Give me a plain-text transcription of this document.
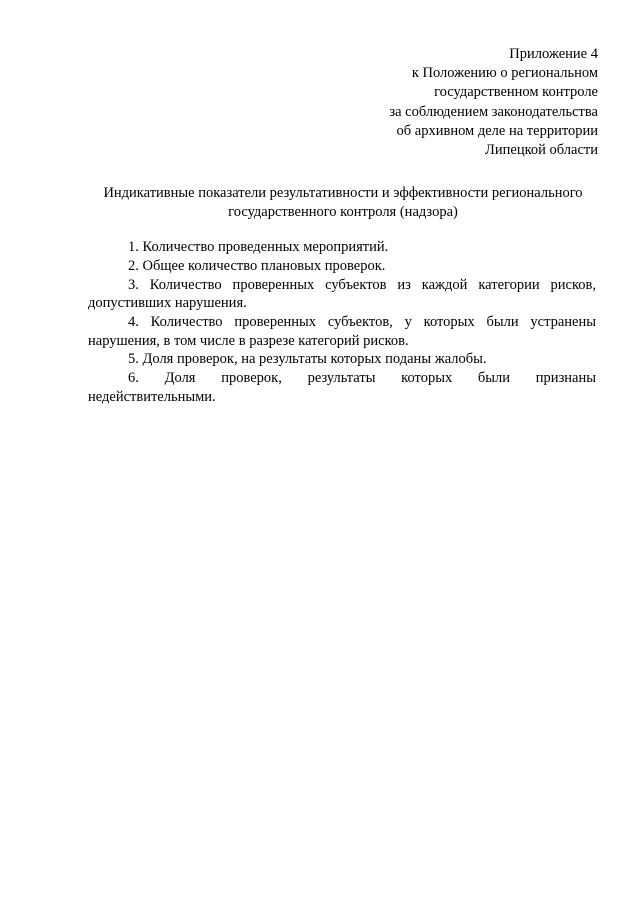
Приложение 4
к Положению о региональном
государственном контроле
за соблюдением законодательства
об архивном деле на территории
Липецкой области
Индикативные показатели результативности и эффективности регионального
государственного контроля (надзора)

1. Количество проведенных мероприятий.

2. Общее количество плановых проверок.

3. Количество проверенных субъектов из каждой категории рисков, допустивших нарушения.

4. Количество проверенных субъектов, у которых были устранены нарушения, в том числе в разрезе категорий рисков.

5. Доля проверок, на результаты которых поданы жалобы.

6. Доля проверок, результаты которых были признаны
недействительными.
